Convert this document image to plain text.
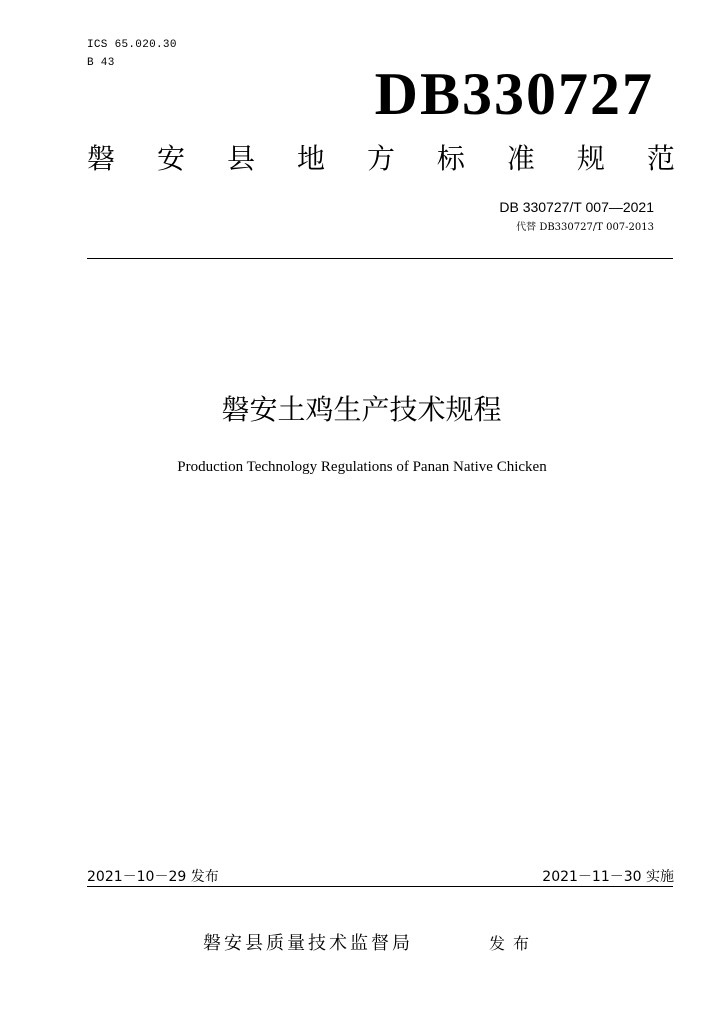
ICS 65.020.30
B 43	DB330727
磐 安 县 地 方 标 准 规 范
DB 330727/T 007—2021
代替 DB330727/T 007-2013
磐安土鸡生产技术规程
Production Technology Regulations of Panan Native Chicken
2021－10－29 发布	2021－11－30 实施
磐安县质量技术监督局	发布
